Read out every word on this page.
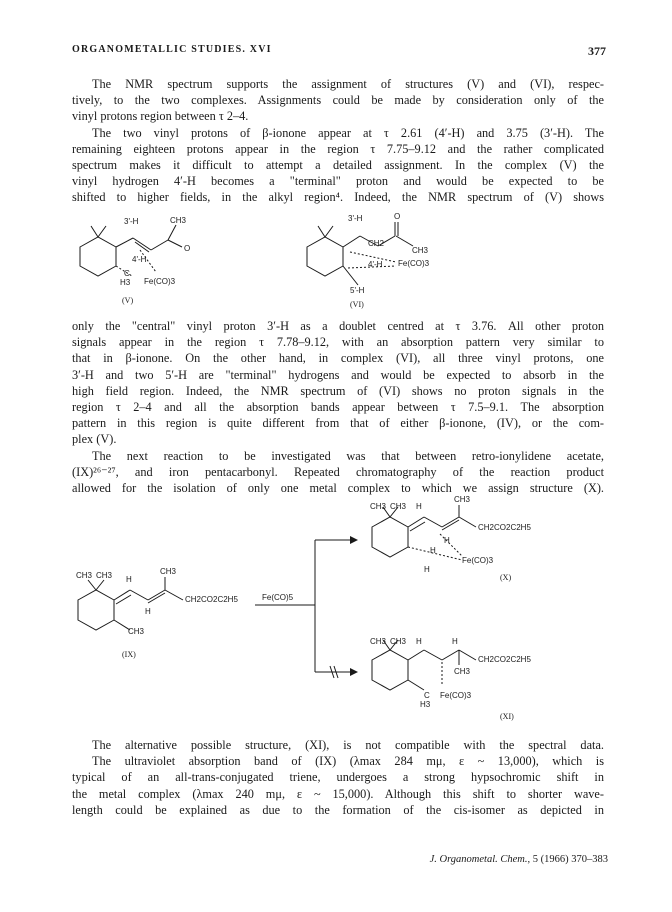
ORGANOMETALLIC STUDIES. XVI	377
The NMR spectrum supports the assignment of structures (V) and (VI), respec-
tively, to the two complexes. Assignments could be made by consideration only of the
vinyl protons region between τ 2–4.
The two vinyl protons of β-ionone appear at τ 2.61 (4′-H) and 3.75 (3′-H). The
remaining eighteen protons appear in the region τ 7.75–9.12 and the rather complicated
spectrum makes it difficult to attempt a detailed assignment. In the complex (V) the
vinyl hydrogen 4′-H becomes a "terminal" proton and would be expected to be
shifted to higher fields, in the alkyl region⁴. Indeed, the NMR spectrum of (V) shows
only the "central" vinyl proton 3′-H as a doublet centred at τ 3.76. All other proton
signals appear in the region τ 7.78–9.12, with an absorption pattern very similar to
that in β-ionone. On the other hand, in complex (VI), all three vinyl protons, one
3′-H and two 5′-H are "terminal" hydrogens and would be expected to absorb in the
high field region. Indeed, the NMR spectrum of (VI) shows no proton signals in the
region τ 2–4 and all the absorption bands appear between τ 7.5–9.1. The absorption
pattern in this region is quite different from that of either β-ionone, (IV), or the com-
plex (V).
The next reaction to be investigated was that between retro-ionylidene acetate,
(IX)²⁶⁻²⁷, and iron pentacarbonyl. Repeated chromatography of the reaction product
allowed for the isolation of only one metal complex to which we assign structure (X).
The alternative possible structure, (XI), is not compatible with the spectral data.
The ultraviolet absorption band of (IX) (λmax 284 mμ, ε ~ 13,000), which is
typical of an all-trans-conjugated triene, undergoes a strong hypsochromic shift in
the metal complex (λmax 240 mμ, ε ~ 15,000). Although this shift to shorter wave-
length could be explained as due to the formation of the cis-isomer as depicted in
3'-H	CH3
O
4'-H
C
H3 Fe(CO)3
(V)
3'-H	O
CH2
CH3
4'-H Fe(CO)3
5'-H
(VI)
CH3 CH3 H
CH3
CH2CO2C2H5
H
CH3
(IX)
Fe(CO)5
CH3 CH3 H
CH3
CH2CO2C2H5
H
H
Fe(CO)3
H
(X)
CH3 CH3 H	H
CH2CO2C2H5
CH3
C
H3
Fe(CO)3
(XI)
J. Organometal. Chem., 5 (1966) 370–383
